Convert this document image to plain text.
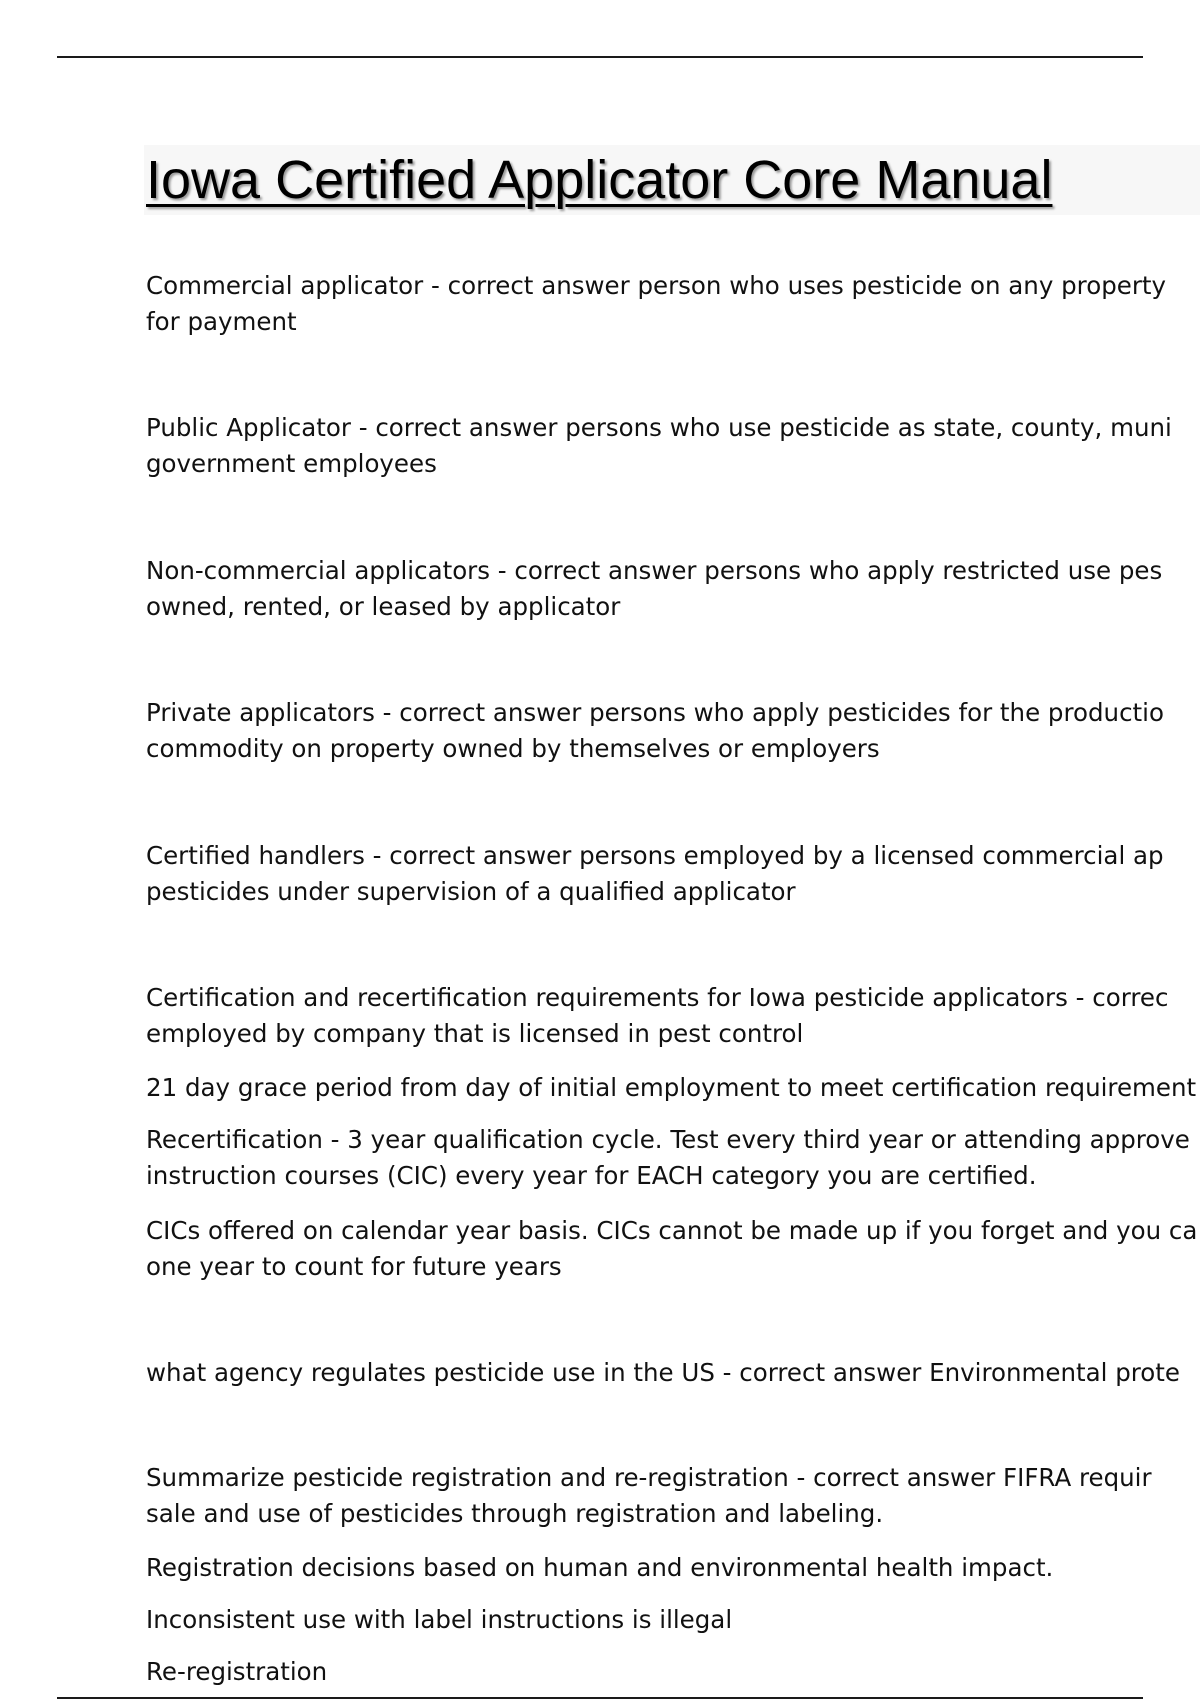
Iowa Certified Applicator Core Manual

Commercial applicator - correct answer person who uses pesticide on any property
for payment

Public Applicator - correct answer persons who use pesticide as state, county, muni
government employees

Non-commercial applicators - correct answer persons who apply restricted use pes
owned, rented, or leased by applicator

Private applicators - correct answer persons who apply pesticides for the productio
commodity on property owned by themselves or employers

Certified handlers - correct answer persons employed by a licensed commercial ap
pesticides under supervision of a qualified applicator

Certification and recertification requirements for Iowa pesticide applicators - correc
employed by company that is licensed in pest control

21 day grace period from day of initial employment to meet certification requirement

Recertification - 3 year qualification cycle. Test every third year or attending approve
instruction courses (CIC) every year for EACH category you are certified.

CICs offered on calendar year basis. CICs cannot be made up if you forget and you ca
one year to count for future years

what agency regulates pesticide use in the US - correct answer Environmental prote

Summarize pesticide registration and re-registration - correct answer FIFRA requir
sale and use of pesticides through registration and labeling.

Registration decisions based on human and environmental health impact.

Inconsistent use with label instructions is illegal

Re-registration
